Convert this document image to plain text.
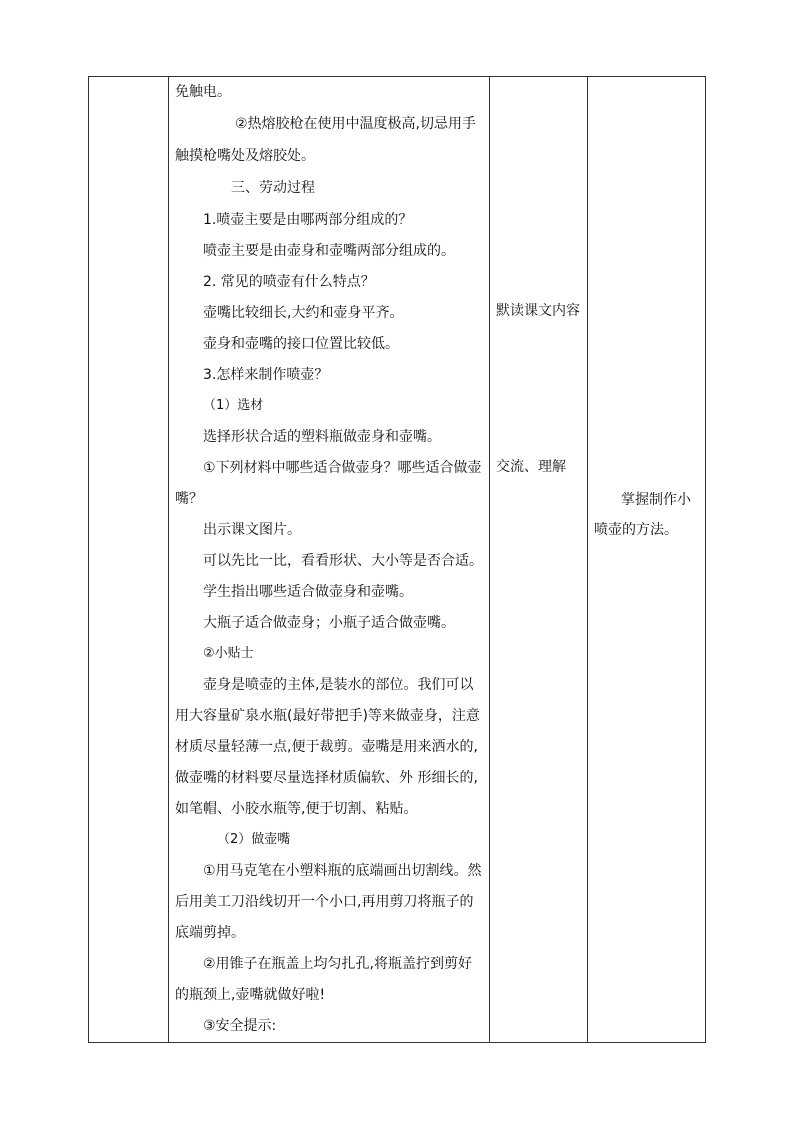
免触电。
②热熔胶枪在使用中温度极高,切忌用手
触摸枪嘴处及熔胶处。
三、劳动过程
1.喷壶主要是由哪两部分组成的？
喷壶主要是由壶身和壶嘴两部分组成的。
2. 常见的喷壶有什么特点？
壶嘴比较细长,大约和壶身平齐。
壶身和壶嘴的接口位置比较低。
3.怎样来制作喷壶？
（1）选材
选择形状合适的塑料瓶做壶身和壶嘴。
①下列材料中哪些适合做壶身？哪些适合做壶
嘴？
出示课文图片。
可以先比一比，看看形状、大小等是否合适。
学生指出哪些适合做壶身和壶嘴。
大瓶子适合做壶身；小瓶子适合做壶嘴。
②小贴士
壶身是喷壶的主体,是装水的部位。我们可以
用大容量矿泉水瓶(最好带把手)等来做壶身，注意
材质尽量轻薄一点,便于裁剪。壶嘴是用来洒水的,
做壶嘴的材料要尽量选择材质偏软、外 形细长的,
如笔帽、小胶水瓶等,便于切割、粘贴。
（2）做壶嘴
①用马克笔在小塑料瓶的底端画出切割线。然
后用美工刀沿线切开一个小口,再用剪刀将瓶子的
底端剪掉。
②用锥子在瓶盖上均匀扎孔,将瓶盖拧到剪好
的瓶颈上,壶嘴就做好啦!
③安全提示:
默读课文内容
交流、理解
掌握制作小
喷壶的方法。
